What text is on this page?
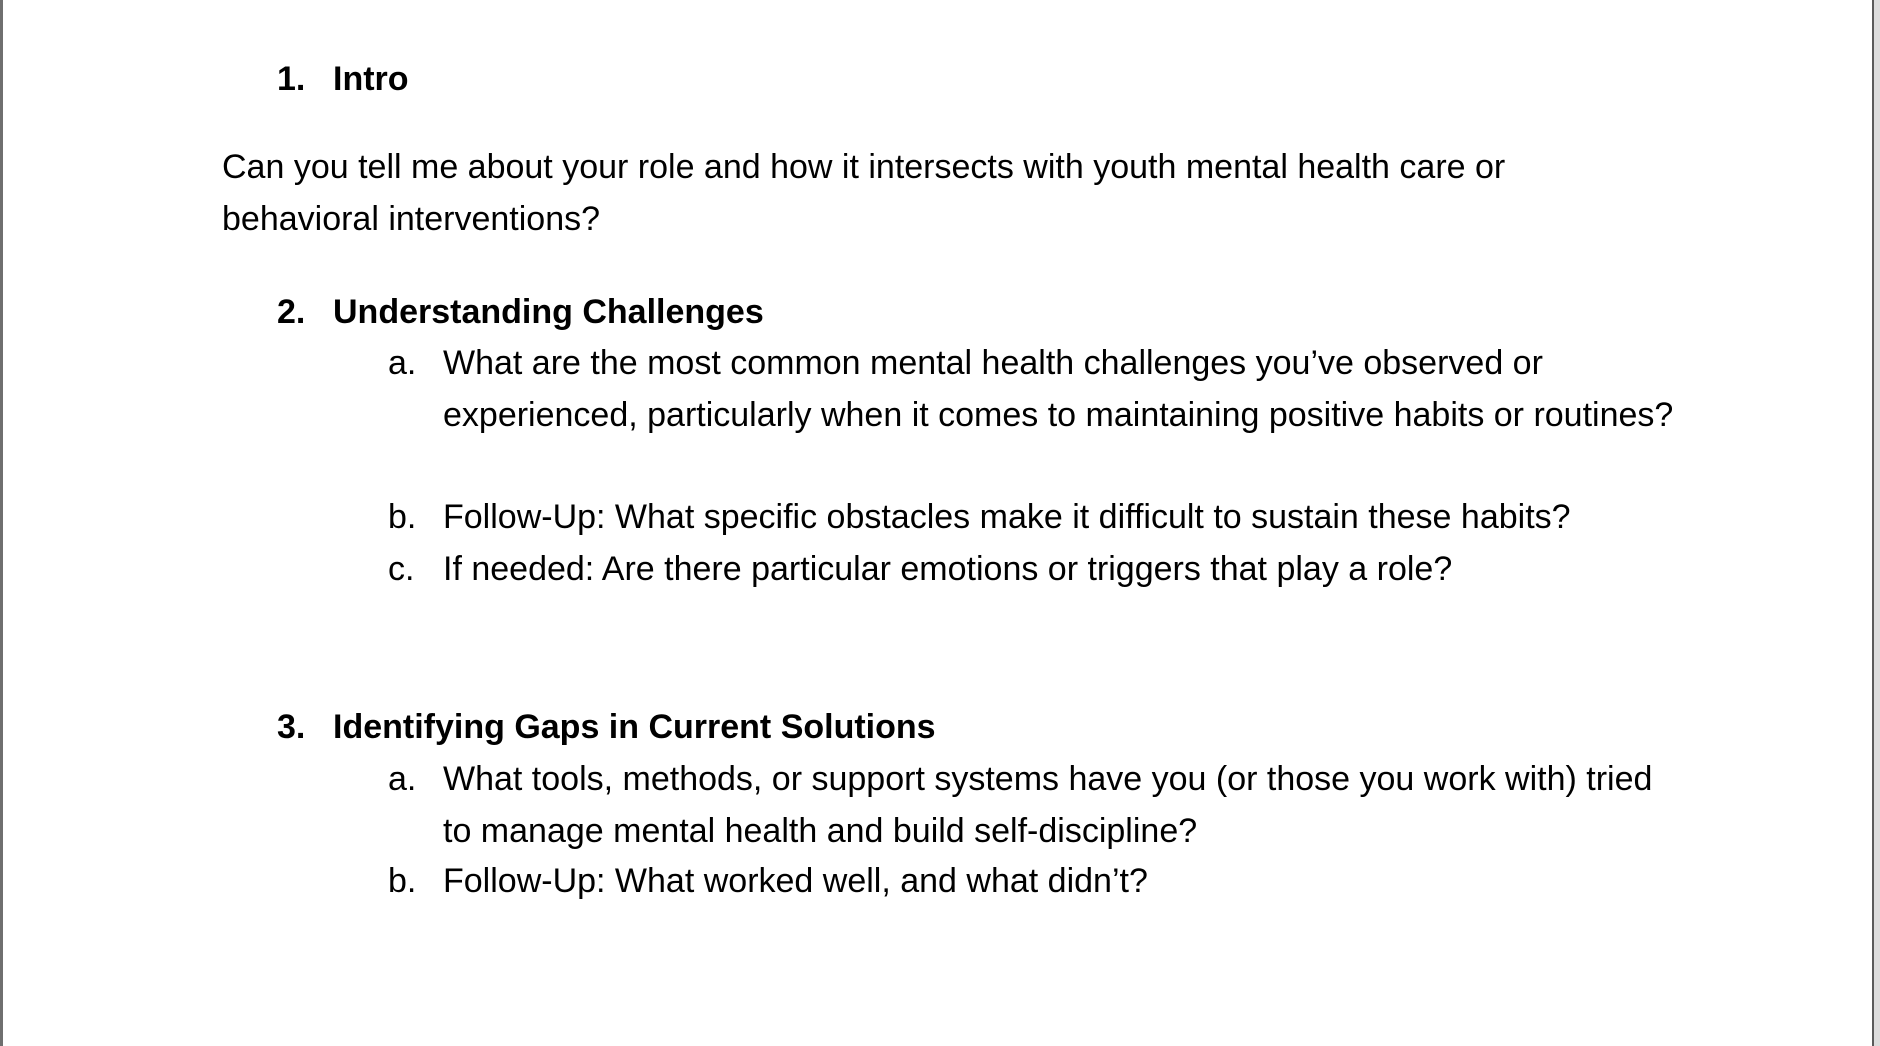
1. Intro
Can you tell me about your role and how it intersects with youth mental health care or behavioral interventions?
2. Understanding Challenges
a. What are the most common mental health challenges you’ve observed or experienced, particularly when it comes to maintaining positive habits or routines?
b. Follow-Up: What specific obstacles make it difficult to sustain these habits?
c. If needed: Are there particular emotions or triggers that play a role?
3. Identifying Gaps in Current Solutions
a. What tools, methods, or support systems have you (or those you work with) tried to manage mental health and build self-discipline?
b. Follow-Up: What worked well, and what didn’t?
